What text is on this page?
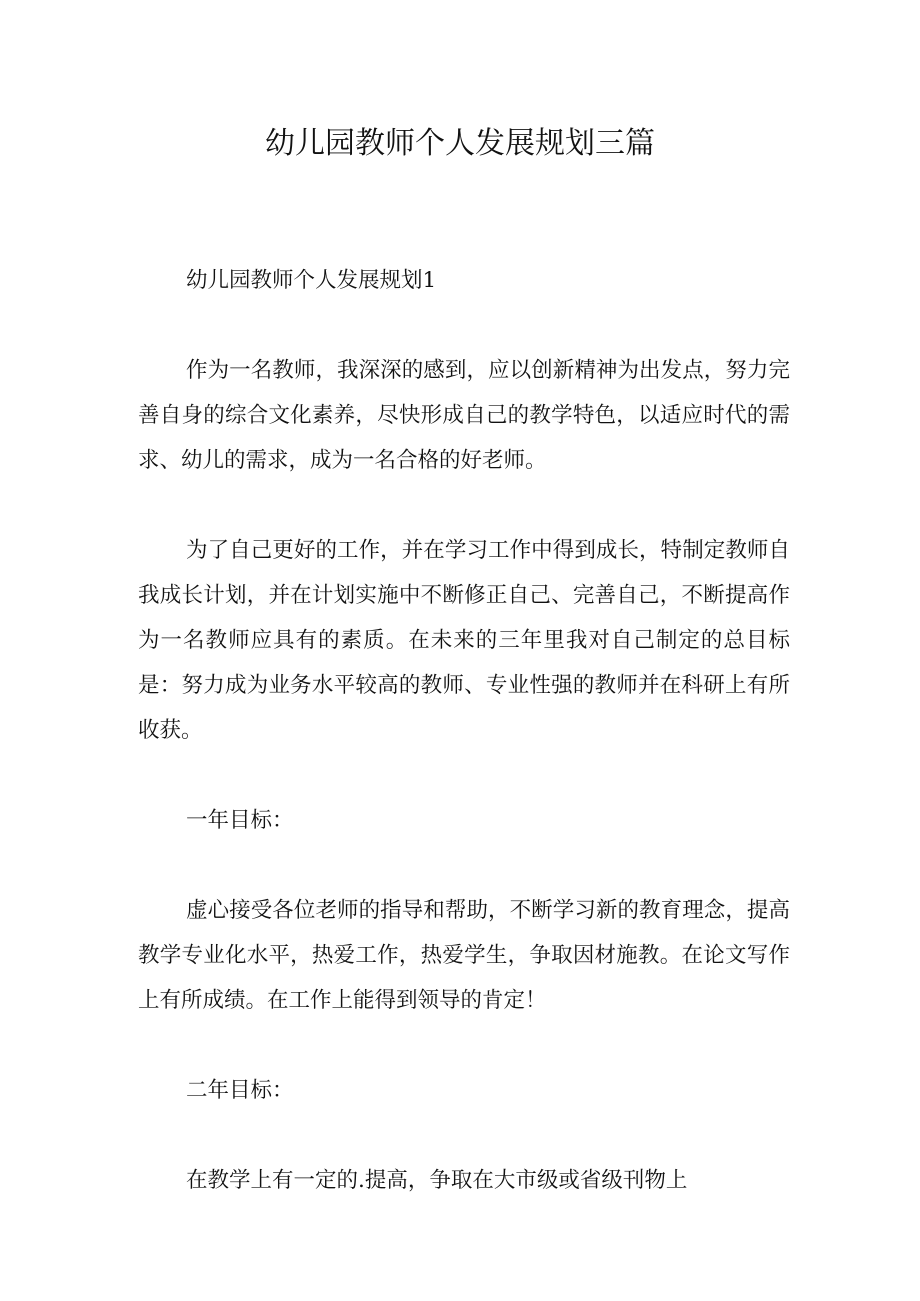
幼儿园教师个人发展规划三篇

幼儿园教师个人发展规划1

作为一名教师，我深深的感到，应以创新精神为出发点，努力完善自身的综合文化素养，尽快形成自己的教学特色，以适应时代的需求、幼儿的需求，成为一名合格的好老师。

为了自己更好的工作，并在学习工作中得到成长，特制定教师自我成长计划，并在计划实施中不断修正自己、完善自己，不断提高作为一名教师应具有的素质。在未来的三年里我对自己制定的总目标是：努力成为业务水平较高的教师、专业性强的教师并在科研上有所收获。

一年目标：

虚心接受各位老师的指导和帮助，不断学习新的教育理念，提高教学专业化水平，热爱工作，热爱学生，争取因材施教。在论文写作上有所成绩。在工作上能得到领导的肯定！

二年目标：

在教学上有一定的.提高，争取在大市级或省级刊物上
